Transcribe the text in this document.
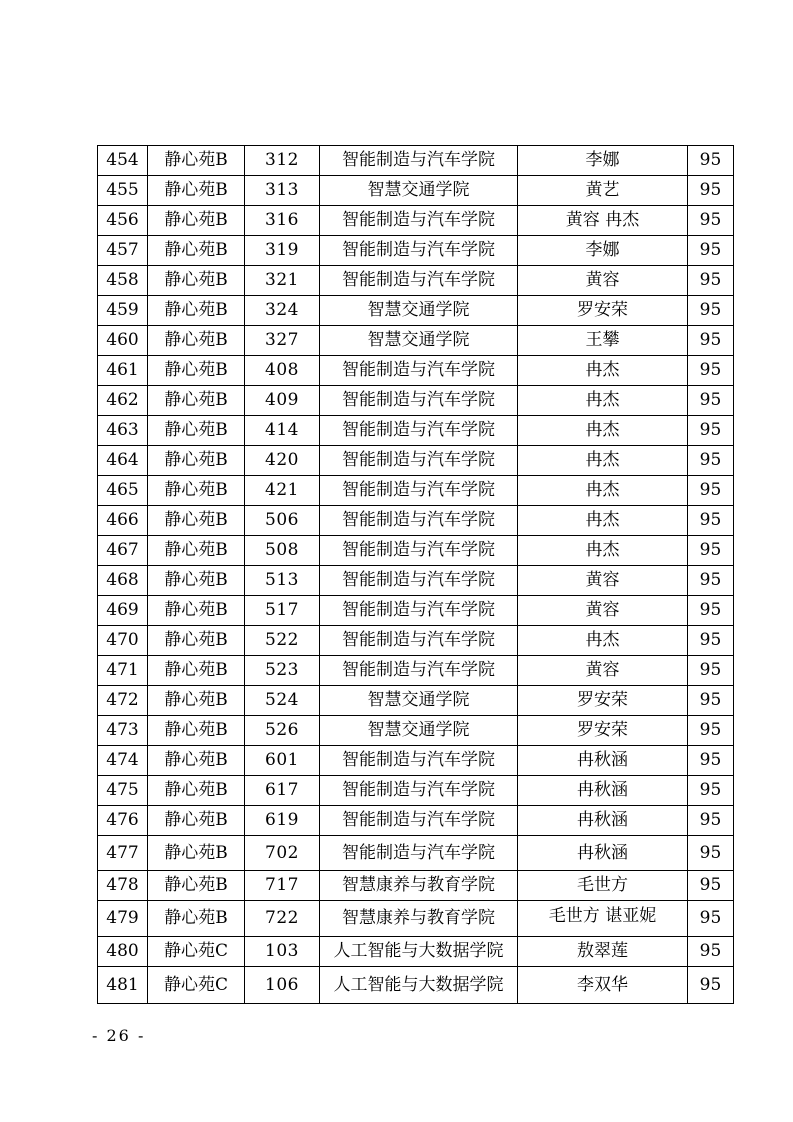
454	静心苑B	312	智能制造与汽车学院	李娜	95
455	静心苑B	313	智慧交通学院	黄艺	95
456	静心苑B	316	智能制造与汽车学院	黄容 冉杰	95
457	静心苑B	319	智能制造与汽车学院	李娜	95
458	静心苑B	321	智能制造与汽车学院	黄容	95
459	静心苑B	324	智慧交通学院	罗安荣	95
460	静心苑B	327	智慧交通学院	王攀	95
461	静心苑B	408	智能制造与汽车学院	冉杰	95
462	静心苑B	409	智能制造与汽车学院	冉杰	95
463	静心苑B	414	智能制造与汽车学院	冉杰	95
464	静心苑B	420	智能制造与汽车学院	冉杰	95
465	静心苑B	421	智能制造与汽车学院	冉杰	95
466	静心苑B	506	智能制造与汽车学院	冉杰	95
467	静心苑B	508	智能制造与汽车学院	冉杰	95
468	静心苑B	513	智能制造与汽车学院	黄容	95
469	静心苑B	517	智能制造与汽车学院	黄容	95
470	静心苑B	522	智能制造与汽车学院	冉杰	95
471	静心苑B	523	智能制造与汽车学院	黄容	95
472	静心苑B	524	智慧交通学院	罗安荣	95
473	静心苑B	526	智慧交通学院	罗安荣	95
474	静心苑B	601	智能制造与汽车学院	冉秋涵	95
475	静心苑B	617	智能制造与汽车学院	冉秋涵	95
476	静心苑B	619	智能制造与汽车学院	冉秋涵	95
477	静心苑B	702	智能制造与汽车学院	冉秋涵	95
478	静心苑B	717	智慧康养与教育学院	毛世方	95
479	静心苑B	722	智慧康养与教育学院	毛世方 谌亚妮	95
480	静心苑C	103	人工智能与大数据学院	敖翠莲	95
481	静心苑C	106	人工智能与大数据学院	李双华	95
- 26 -
